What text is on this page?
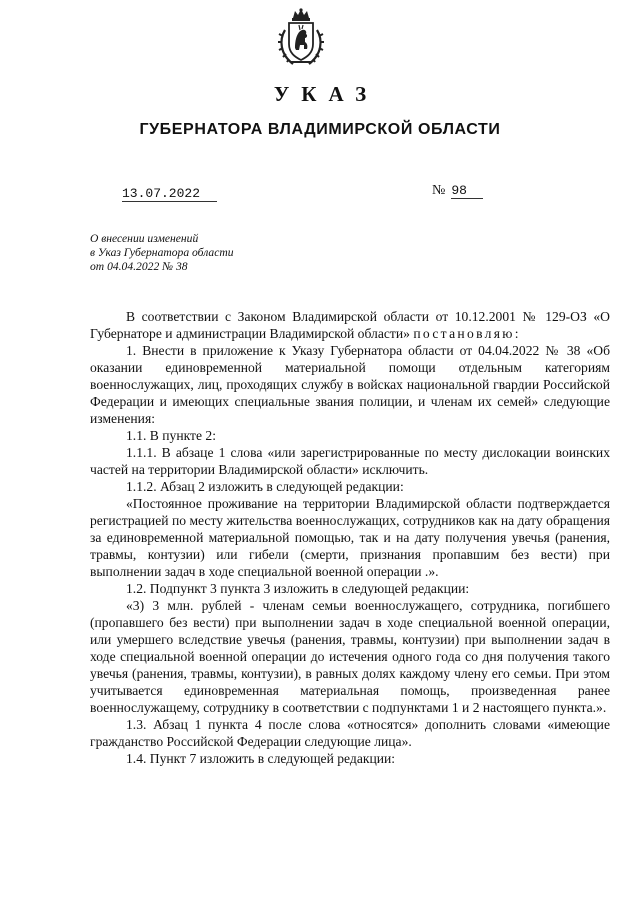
УКАЗ
ГУБЕРНАТОРА ВЛАДИМИРСКОЙ ОБЛАСТИ
13.07.2022	№ 98
О внесении изменений
в Указ Губернатора области
от 04.04.2022 № 38

В соответствии с Законом Владимирской области от 10.12.2001 № 129-ОЗ «О Губернаторе и администрации Владимирской области» постановляю:

1. Внести в приложение к Указу Губернатора области от 04.04.2022 № 38 «Об оказании единовременной материальной помощи отдельным категориям военнослужащих, лиц, проходящих службу в войсках национальной гвардии Российской Федерации и имеющих специальные звания полиции, и членам их семей» следующие изменения:

1.1. В пункте 2:

1.1.1. В абзаце 1 слова «или зарегистрированные по месту дислокации воинских частей на территории Владимирской области» исключить.

1.1.2. Абзац 2 изложить в следующей редакции:

«Постоянное проживание на территории Владимирской области подтверждается регистрацией по месту жительства военнослужащих, сотрудников как на дату обращения за единовременной материальной помощью, так и на дату получения увечья (ранения, травмы, контузии) или гибели (смерти, признания пропавшим без вести) при выполнении задач в ходе специальной военной операции .».

1.2. Подпункт 3 пункта 3 изложить в следующей редакции:

«3) 3 млн. рублей - членам семьи военнослужащего, сотрудника, погибшего (пропавшего без вести) при выполнении задач в ходе специальной военной операции, или умершего вследствие увечья (ранения, травмы, контузии) при выполнении задач в ходе специальной военной операции до истечения одного года со дня получения такого увечья (ранения, травмы, контузии), в равных долях каждому члену его семьи. При этом учитывается единовременная материальная помощь, произведенная ранее военнослужащему, сотруднику в соответствии с подпунктами 1 и 2 настоящего пункта.».

1.3. Абзац 1 пункта 4 после слова «относятся» дополнить словами «имеющие гражданство Российской Федерации следующие лица».

1.4. Пункт 7 изложить в следующей редакции:
